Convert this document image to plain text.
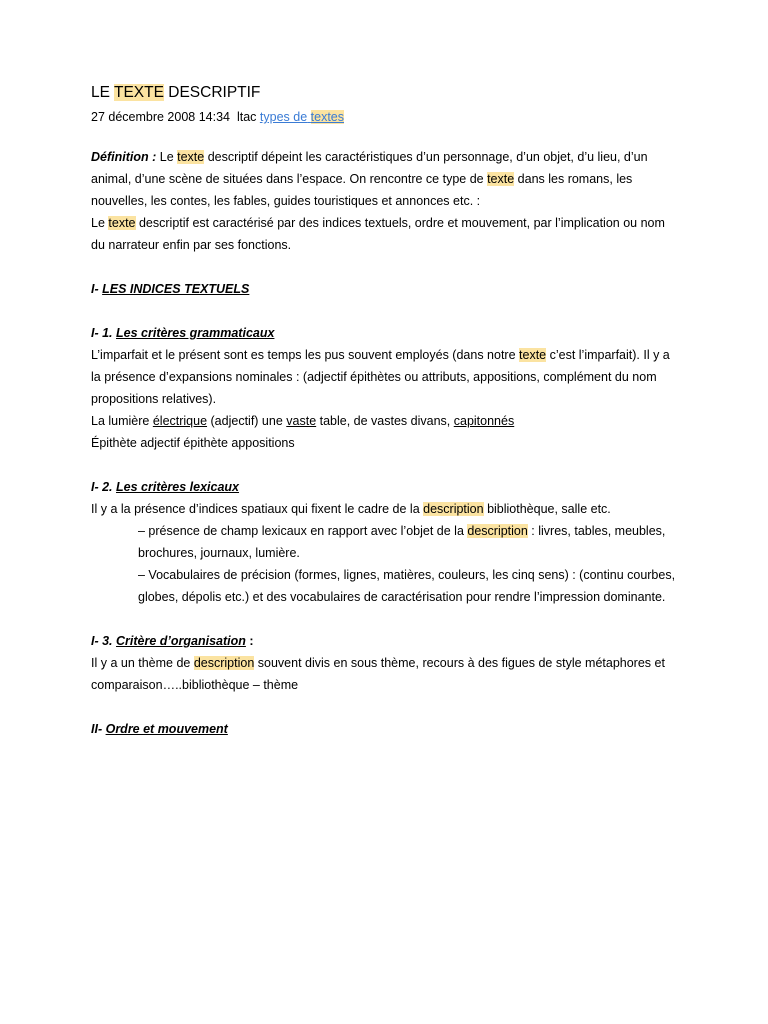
LE TEXTE DESCRIPTIF
27 décembre 2008 14:34 ltac types de textes

Définition : Le texte descriptif dépeint les caractéristiques d’un personnage, d’un objet, d’u lieu, d’un animal, d’une scène de situées dans l’espace. On rencontre ce type de texte dans les romans, les nouvelles, les contes, les fables, guides touristiques et annonces etc. :

Le texte descriptif est caractérisé par des indices textuels, ordre et mouvement, par l’implication ou nom du narrateur enfin par ses fonctions.

I- LES INDICES TEXTUELS
I- 1. Les critères grammaticaux

L’imparfait et le présent sont es temps les pus souvent employés (dans notre texte c’est l’imparfait). Il y a la présence d’expansions nominales : (adjectif épithètes ou attributs, appositions, complément du nom propositions relatives).

La lumière électrique (adjectif) une vaste table, de vastes divans, capitonnés

Épithète adjectif épithète appositions

I- 2. Les critères lexicaux

Il y a la présence d’indices spatiaux qui fixent le cadre de la description bibliothèque, salle etc.

– présence de champ lexicaux en rapport avec l’objet de la description : livres, tables, meubles, brochures, journaux, lumière.

– Vocabulaires de précision (formes, lignes, matières, couleurs, les cinq sens) : (continu courbes, globes, dépolis etc.) et des vocabulaires de caractérisation pour rendre l’impression dominante.

I- 3. Critère d’organisation :

Il y a un thème de description souvent divis en sous thème, recours à des figues de style métaphores et comparaison…..bibliothèque – thème

II- Ordre et mouvement
